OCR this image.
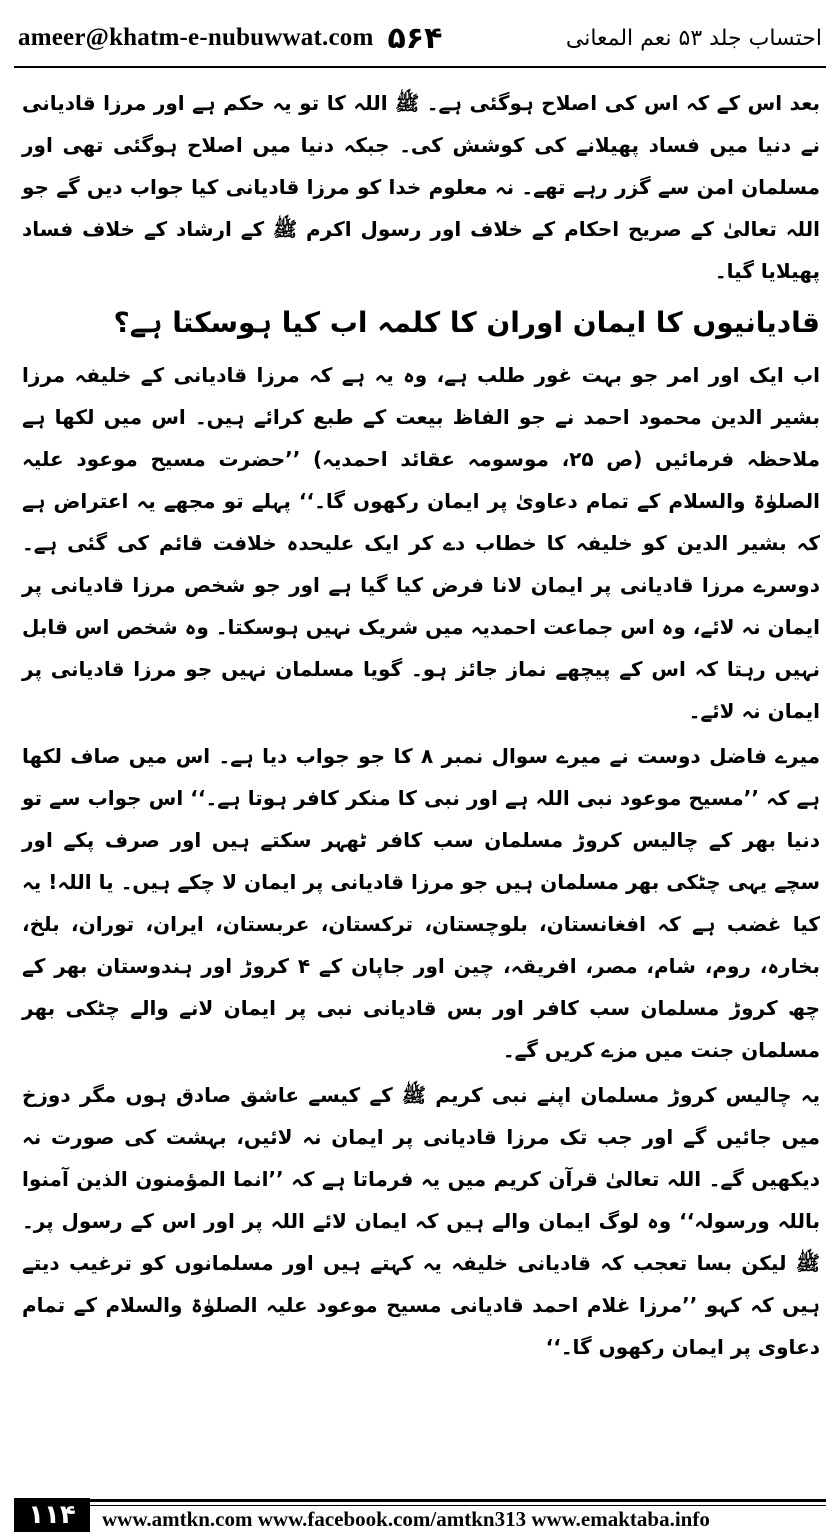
ameer@khatm-e-nubuwwat.com ۵۶۴	احتساب جلد ۵۳ نعم المعانی

بعد اس کے کہ اس کی اصلاح ہوگئی ہے۔ ﷺ اللہ کا تو یہ حکم ہے اور مرزا قادیانی نے دنیا میں فساد پھیلانے کی کوشش کی۔ جبکہ دنیا میں اصلاح ہوگئی تھی اور مسلمان امن سے گزر رہے تھے۔ نہ معلوم خدا کو مرزا قادیانی کیا جواب دیں گے جو اللہ تعالیٰ کے صریح احکام کے خلاف اور رسول اکرم ﷺ کے ارشاد کے خلاف فساد پھیلایا گیا۔

قادیانیوں کا ایمان اوران کا کلمہ اب کیا ہوسکتا ہے؟

اب ایک اور امر جو بہت غور طلب ہے، وہ یہ ہے کہ مرزا قادیانی کے خلیفہ مرزا بشیر الدین محمود احمد نے جو الفاظ بیعت کے طبع کرائے ہیں۔ اس میں لکھا ہے ملاحظہ فرمائیں (ص ۲۵، موسومہ عقائد احمدیہ) ’’حضرت مسیح موعود علیہ الصلوٰۃ والسلام کے تمام دعاویٰ پر ایمان رکھوں گا۔‘‘ پہلے تو مجھے یہ اعتراض ہے کہ بشیر الدین کو خلیفہ کا خطاب دے کر ایک علیحدہ خلافت قائم کی گئی ہے۔ دوسرے مرزا قادیانی پر ایمان لانا فرض کیا گیا ہے اور جو شخص مرزا قادیانی پر ایمان نہ لائے، وہ اس جماعت احمدیہ میں شریک نہیں ہوسکتا۔ وہ شخص اس قابل نہیں رہتا کہ اس کے پیچھے نماز جائز ہو۔ گویا مسلمان نہیں جو مرزا قادیانی پر ایمان نہ لائے۔

میرے فاضل دوست نے میرے سوال نمبر ۸ کا جو جواب دیا ہے۔ اس میں صاف لکھا ہے کہ ’’مسیح موعود نبی اللہ ہے اور نبی کا منکر کافر ہوتا ہے۔‘‘ اس جواب سے تو دنیا بھر کے چالیس کروڑ مسلمان سب کافر ٹھہر سکتے ہیں اور صرف پکے اور سچے یہی چٹکی بھر مسلمان ہیں جو مرزا قادیانی پر ایمان لا چکے ہیں۔ یا اللہ! یہ کیا غضب ہے کہ افغانستان، بلوچستان، ترکستان، عربستان، ایران، توران، بلخ، بخارہ، روم، شام، مصر، افریقہ، چین اور جاپان کے ۴ کروڑ اور ہندوستان بھر کے چھ کروڑ مسلمان سب کافر اور بس قادیانی نبی پر ایمان لانے والے چٹکی بھر مسلمان جنت میں مزے کریں گے۔

یہ چالیس کروڑ مسلمان اپنے نبی کریم ﷺ کے کیسے عاشق صادق ہوں مگر دوزخ میں جائیں گے اور جب تک مرزا قادیانی پر ایمان نہ لائیں، بہشت کی صورت نہ دیکھیں گے۔ اللہ تعالیٰ قرآن کریم میں یہ فرماتا ہے کہ ’’انما المؤمنون الذین آمنوا باللہ ورسولہ‘‘ وہ لوگ ایمان والے ہیں کہ ایمان لائے اللہ پر اور اس کے رسول پر۔ ﷺ لیکن بسا تعجب کہ قادیانی خلیفہ یہ کہتے ہیں اور مسلمانوں کو ترغیب دیتے ہیں کہ کہو ’’مرزا غلام احمد قادیانی مسیح موعود علیہ الصلوٰۃ والسلام کے تمام دعاوی پر ایمان رکھوں گا۔‘‘

۱۱۴	www.amtkn.com www.facebook.com/amtkn313 www.emaktaba.info
